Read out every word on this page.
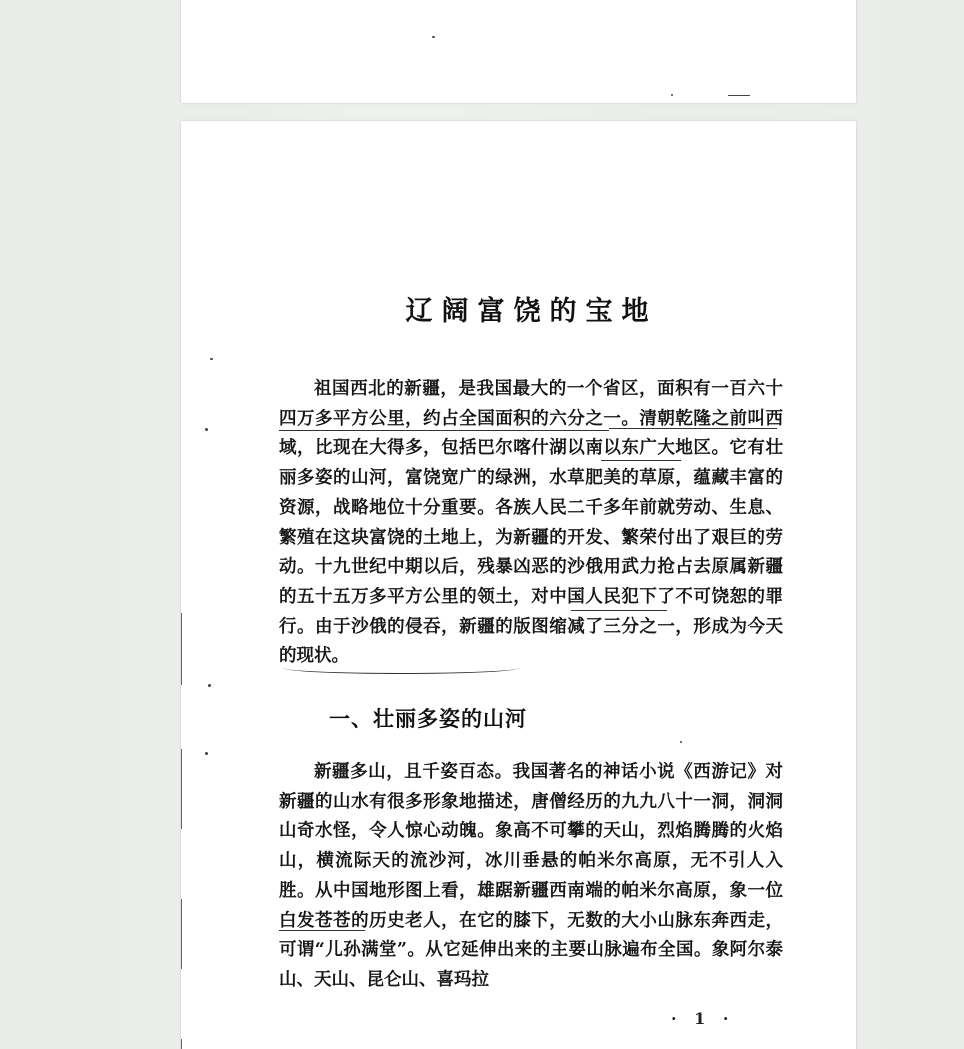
辽阔富饶的宝地

祖国西北的新疆，是我国最大的一个省区，面积有一百六十四万多平方公里，约占全国面积的六分之一。清朝乾隆之前叫西域，比现在大得多，包括巴尔喀什湖以南以东广大地区。它有壮丽多姿的山河，富饶宽广的绿洲，水草肥美的草原，蕴藏丰富的资源，战略地位十分重要。各族人民二千多年前就劳动、生息、繁殖在这块富饶的土地上，为新疆的开发、繁荣付出了艰巨的劳动。十九世纪中期以后，残暴凶恶的沙俄用武力抢占去原属新疆的五十五万多平方公里的领土，对中国人民犯下了不可饶恕的罪行。由于沙俄的侵吞，新疆的版图缩减了三分之一，形成为今天的现状。

一、壮丽多姿的山河

新疆多山，且千姿百态。我国著名的神话小说《西游记》对新疆的山水有很多形象地描述，唐僧经历的九九八十一洞，洞洞山奇水怪，令人惊心动魄。象高不可攀的天山，烈焰腾腾的火焰山，横流际天的流沙河，冰川垂悬的帕米尔高原，无不引人入胜。从中国地形图上看，雄踞新疆西南端的帕米尔高原，象一位白发苍苍的历史老人，在它的膝下，无数的大小山脉东奔西走，可谓“儿孙满堂”。从它延伸出来的主要山脉遍布全国。象阿尔泰山、天山、昆仑山、喜玛拉

· 1 ·
